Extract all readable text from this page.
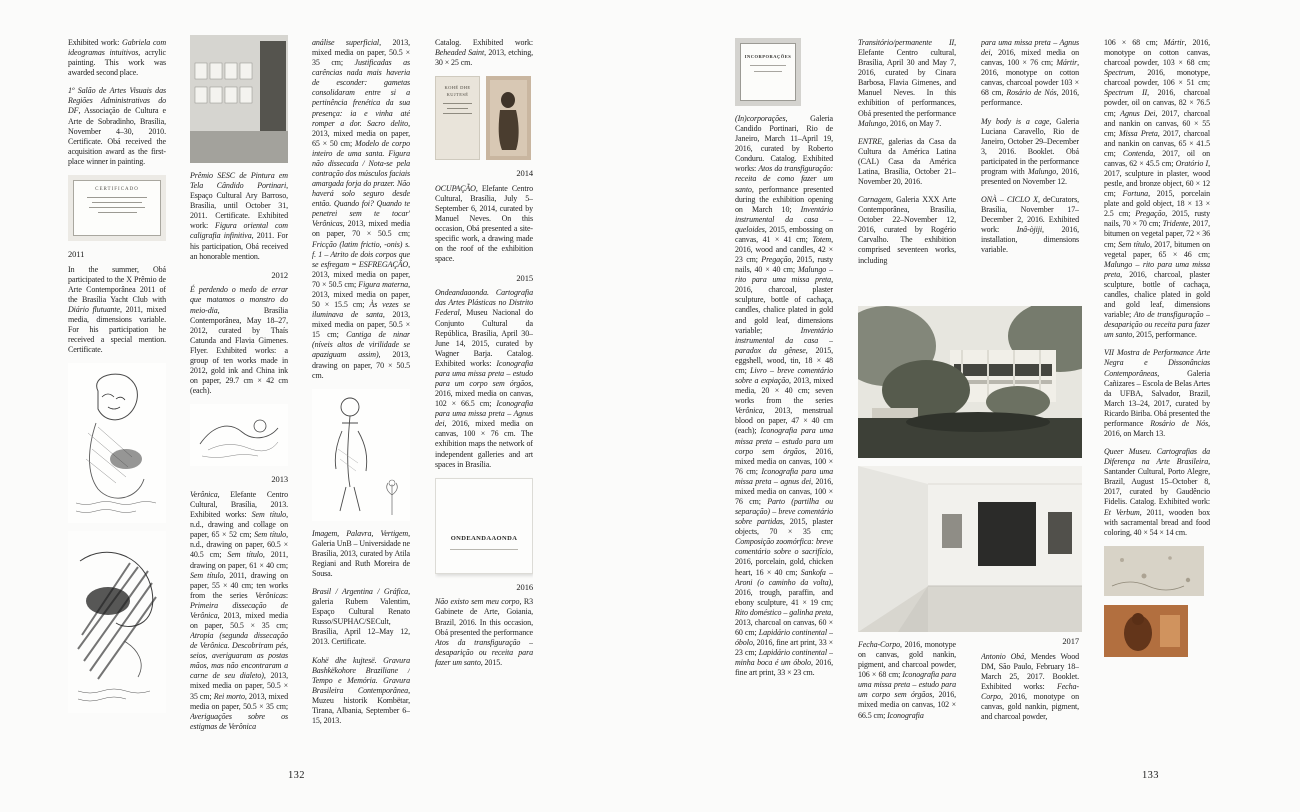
Exhibited work: Gabriela com ideogramas intuitivos, acrylic painting. This work was awarded second place.

1º Salão de Artes Visuais das Regiões Administrativas do DF, Associação de Cultura e Arte de Sobradinho, Brasília, November 4–30, 2010. Certificate. Obá received the acquisition award as the first-place winner in painting.

CERTIFICADO
2011

In the summer, Obá participated to the X Prêmio de Arte Contemporânea 2011 of the Brasília Yacht Club with Diário flutuante, 2011, mixed media, dimensions variable. For his participation he received a special mention. Certificate.

Prêmio SESC de Pintura em Tela Cândido Portinari, Espaço Cultural Ary Barroso, Brasília, until October 31, 2011. Certificate. Exhibited work: Figura oriental com caligrafia infinitiva, 2011. For his participation, Obá received an honorable mention.

2012

É perdendo o medo de errar que matamos o monstro do meio-dia, Brasília Contemporânea, May 18–27, 2012, curated by Thaís Catunda and Flavia Gimenes. Flyer. Exhibited works: a group of ten works made in 2012, gold ink and China ink on paper, 29.7 cm × 42 cm (each).

2013

Verônica, Elefante Centro Cultural, Brasília, 2013. Exhibited works: Sem título, n.d., drawing and collage on paper, 65 × 52 cm; Sem título, n.d., drawing on paper, 60.5 × 40.5 cm; Sem título, 2011, drawing on paper, 61 × 40 cm; Sem título, 2011, drawing on paper, 55 × 40 cm; ten works from the series Verônicas: Primeira dissecação de Verônica, 2013, mixed media on paper, 50.5 × 35 cm; Atropia (segunda dissecação de Verônica. Descobriram pés, seios, averiguaram as postas mãos, mas não encontraram a carne de seu dialeto), 2013, mixed media on paper, 50.5 × 35 cm; Rei morto, 2013, mixed media on paper, 50.5 × 35 cm; Averiguações sobre os estigmas de Verônica

análise superficial, 2013, mixed media on paper, 50.5 × 35 cm; Justificadas as carências nada mais haveria de esconder: gametas consolidaram entre si a pertinência frenética da sua presença: ia e vinha até romper a dor. Sacro delito, 2013, mixed media on paper, 65 × 50 cm; Modelo de corpo inteiro de uma santa. Figura não dissecada / Nota-se pela contração dos músculos faciais amargada forja do prazer. Não haverá solo seguro desde então. Quando foi? Quando te penetrei sem te tocar' Verônicas, 2013, mixed media on paper, 70 × 50.5 cm; Fricção (latim frictio, -onis) s. f. 1 – Atrito de dois corpos que se esfregam = ESFREGAÇÃO, 2013, mixed media on paper, 70 × 50.5 cm; Figura materna, 2013, mixed media on paper, 50 × 15.5 cm; Às vezes se iluminava de santa, 2013, mixed media on paper, 50.5 × 15 cm; Cantiga de ninar (níveis altos de virilidade se apaziguam assim), 2013, drawing on paper, 70 × 50.5 cm.

Imagem, Palavra, Vertigem, Galeria UnB – Universidade ne Brasília, 2013, curated by Atila Regiani and Ruth Moreira de Sousa.

Brasil / Argentina / Gráfica, galeria Rubem Valentim, Espaço Cultural Renato Russo/SUPHAC/SECult, Brasília, April 12–May 12, 2013. Certificate.

Kohë dhe kujtesë. Gravura Bashkëkohore Braziliane / Tempo e Memória. Gravura Brasileira Contemporânea, Muzeu historik Kombëtar, Tirana, Albania, September 6–15, 2013.

Catalog. Exhibited work: Beheaded Saint, 2013, etching, 30 × 25 cm.

KOHË DHE KUJTESË
2014

OCUPAÇÃO, Elefante Centro Cultural, Brasília, July 5–September 6, 2014, curated by Manuel Neves. On this occasion, Obá presented a site-specific work, a drawing made on the roof of the exhibition space.

2015

Ondeandaaonda. Cartografia das Artes Plásticas no Distrito Federal, Museu Nacional do Conjunto Cultural da República, Brasília, April 30–June 14, 2015, curated by Wagner Barja. Catalog. Exhibited works: Iconografia para uma missa preta – estudo para um corpo sem órgãos, 2016, mixed media on canvas, 102 × 66.5 cm; Iconografia para uma missa preta – Agnus dei, 2016, mixed media on canvas, 100 × 76 cm. The exhibition maps the network of independent galleries and art spaces in Brasília.

ONDEANDAAONDA
2016

Não existo sem meu corpo, R3 Gabinete de Arte, Goiania, Brazil, 2016. In this occasion, Obá presented the performance Atos da transfiguração – desaparição ou receita para fazer um santo, 2015.

132
INCORPORAÇÕES

(In)corporações, Galeria Candido Portinari, Rio de Janeiro, March 11–April 19, 2016, curated by Roberto Conduru. Catalog. Exhibited works: Atos da transfiguração: receita de como fazer um santo, performance presented during the exhibition opening on March 10; Inventário instrumental da casa – queloides, 2015, embossing on canvas, 41 × 41 cm; Totem, 2016, wood and candles, 42 × 23 cm; Pregação, 2015, rusty nails, 40 × 40 cm; Malungo – rito para uma missa preta, 2016, charcoal, plaster sculpture, bottle of cachaça, candles, chalice plated in gold and gold leaf, dimensions variable; Inventário instrumental da casa – paradox da gênese, 2015, eggshell, wood, tin, 18 × 48 cm; Livro – breve comentário sobre a expiação, 2013, mixed media, 20 × 40 cm; seven works from the series Verônica, 2013, menstrual blood on paper, 47 × 40 cm (each); Iconografia para uma missa preta – estudo para um corpo sem órgãos, 2016, mixed media on canvas, 100 × 76 cm; Iconografia para uma missa preta – agnus dei, 2016, mixed media on canvas, 100 × 76 cm; Parto (partilha ou separação) – breve comentário sobre partidas, 2015, plaster objects, 70 × 35 cm; Composição zoomórfica: breve comentário sobre o sacrifício, 2016, porcelain, gold, chicken heart, 16 × 40 cm; Sankofa – Aroni (o caminho da volta), 2016, trough, paraffin, and ebony sculpture, 41 × 19 cm; Rito doméstico – galinha preta, 2013, charcoal on canvas, 60 × 60 cm; Lapidário continental – óbolo, 2016, fine art print, 33 × 23 cm; Lapidário continental – minha boca é um óbolo, 2016, fine art print, 33 × 23 cm.

Transitório/permanente II, Elefante Centro cultural, Brasília, April 30 and May 7, 2016, curated by Cinara Barbosa, Flavia Gimenes, and Manuel Neves. In this exhibition of performances, Obá presented the performance Malungo, 2016, on May 7.

ENTRE, galerias da Casa da Cultura da América Latina (CAL) Casa da América Latina, Brasília, October 21–November 20, 2016.

Carnagem, Galeria XXX Arte Contemporânea, Brasília, October 22–November 12, 2016, curated by Rogério Carvalho. The exhibition comprised seventeen works, including

para uma missa preta – Agnus dei, 2016, mixed media on canvas, 100 × 76 cm; Mártir, 2016, monotype on cotton canvas, charcoal powder 103 × 68 cm, Rosário de Nós, 2016, performance.

My body is a cage, Galeria Luciana Caravello, Rio de Janeiro, October 29–December 3, 2016. Booklet. Obá participated in the performance program with Malungo, 2016, presented on November 12.

ONÀ – CICLO X, deCurators, Brasília, November 17–December 2, 2016. Exhibited work: Inâ-òjiji, 2016, installation, dimensions variable.

Fecha-Corpo, 2016, monotype on canvas, gold nankin, pigment, and charcoal powder, 106 × 68 cm; Iconografia para uma missa preta – estudo para um corpo sem órgãos, 2016, mixed media on canvas, 102 × 66.5 cm; Iconografia

2017

Antonio Obá, Mendes Wood DM, São Paulo, February 18–March 25, 2017. Booklet. Exhibited works: Fecha-Corpo, 2016, monotype on canvas, gold nankin, pigment, and charcoal powder,

106 × 68 cm; Mártir, 2016, monotype on cotton canvas, charcoal powder, 103 × 68 cm; Spectrum, 2016, monotype, charcoal powder, 106 × 51 cm; Spectrum II, 2016, charcoal powder, oil on canvas, 82 × 76.5 cm; Agnus Dei, 2017, charcoal and nankin on canvas, 60 × 55 cm; Missa Preta, 2017, charcoal and nankin on canvas, 65 × 41.5 cm; Contenda, 2017, oil on canvas, 62 × 45.5 cm; Oratório I, 2017, sculpture in plaster, wood pestle, and bronze object, 60 × 12 cm; Fortuna, 2015, porcelain plate and gold object, 18 × 13 × 2.5 cm; Pregação, 2015, rusty nails, 70 × 70 cm; Tridente, 2017, bitumen on vegetal paper, 72 × 36 cm; Sem título, 2017, bitumen on vegetal paper, 65 × 46 cm; Malungo – rito para uma missa preta, 2016, charcoal, plaster sculpture, bottle of cachaça, candles, chalice plated in gold and gold leaf, dimensions variable; Ato de transfiguração – desaparição ou receita para fazer um santo, 2015, performance.

VII Mostra de Performance Arte Negra e Dissonâncias Contemporâneas, Galeria Cañizares – Escola de Belas Artes da UFBA, Salvador, Brazil, March 13–24, 2017, curated by Ricardo Biriba. Obá presented the performance Rosário de Nós, 2016, on March 13.

Queer Museu. Cartografias da Diferença na Arte Brasileira, Santander Cultural, Porto Alegre, Brazil, August 15–October 8, 2017, curated by Gaudêncio Fidelis. Catalog. Exhibited work: Et Verbum, 2011, wooden box with sacramental bread and food coloring, 40 × 54 × 14 cm.

133
